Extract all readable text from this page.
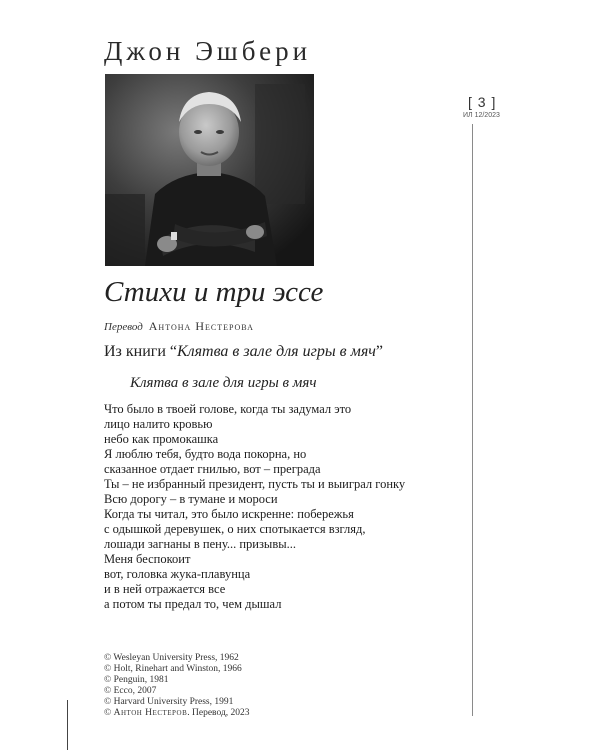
Джон Эшбери
[ 3 ]
ИЛ 12/2023
Стихи и три эссе
Перевод Антона Нестерова
Из книги “Клятва в зале для игры в мяч”
Клятва в зале для игры в мяч
Что было в твоей голове, когда ты задумал это
лицо налито кровью
небо как промокашка
Я люблю тебя, будто вода покорна, но
сказанное отдает гнилью, вот – преграда
Ты – не избранный президент, пусть ты и выиграл гонку
Всю дорогу – в тумане и мороси
Когда ты читал, это было искренне: побережья
с одышкой деревушек, о них спотыкается взгляд,
лошади загнаны в пену... призывы...
Меня беспокоит
вот, головка жука-плавунца
и в ней отражается все
а потом ты предал то, чем дышал
© Wesleyan University Press, 1962
© Holt, Rinehart and Winston, 1966
© Penguin, 1981
© Ecco, 2007
© Harvard University Press, 1991
© Антон Нестеров. Перевод, 2023
